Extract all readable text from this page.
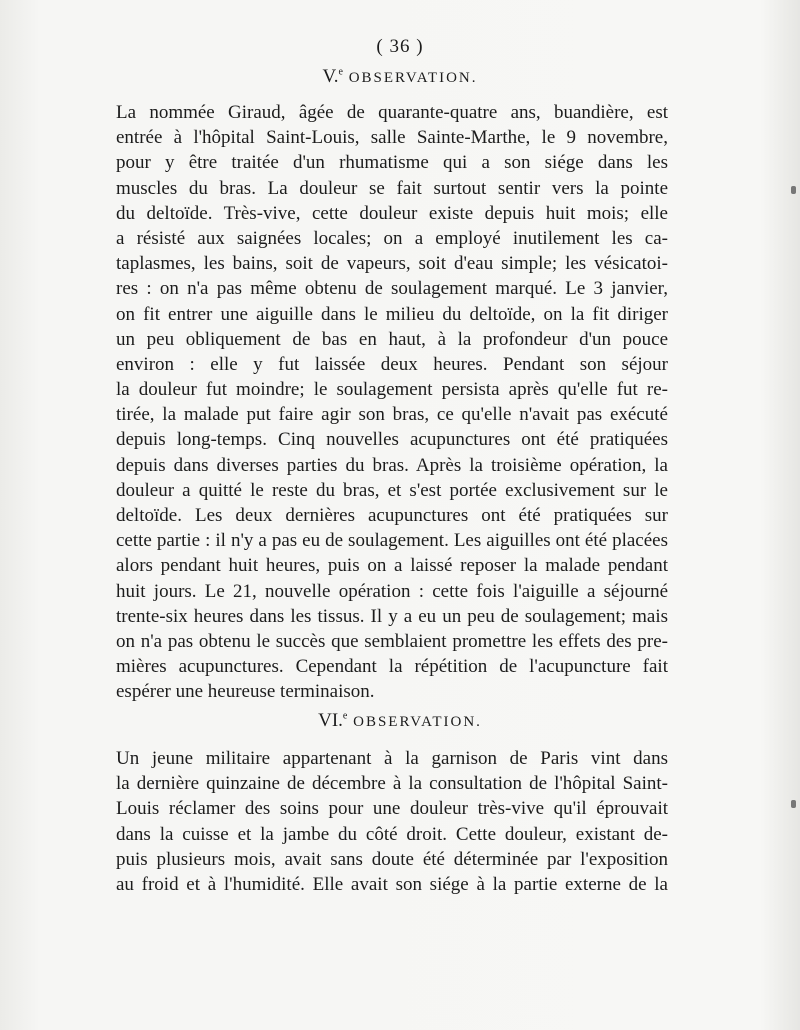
( 36 )
V.$^e$ OBSERVATION.
La nommée Giraud, âgée de quarante-quatre ans, buandière, est
entrée à l'hôpital Saint-Louis, salle Sainte-Marthe, le 9 novembre,
pour y être traitée d'un rhumatisme qui a son siége dans les
muscles du bras. La douleur se fait surtout sentir vers la pointe
du deltoïde. Très-vive, cette douleur existe depuis huit mois; elle
a résisté aux saignées locales; on a employé inutilement les ca-
taplasmes, les bains, soit de vapeurs, soit d'eau simple; les vésicatoi-
res : on n'a pas même obtenu de soulagement marqué. Le 3 janvier,
on fit entrer une aiguille dans le milieu du deltoïde, on la fit diriger
un peu obliquement de bas en haut, à la profondeur d'un pouce
environ : elle y fut laissée deux heures. Pendant son séjour
la douleur fut moindre; le soulagement persista après qu'elle fut re-
tirée, la malade put faire agir son bras, ce qu'elle n'avait pas exécuté
depuis long-temps. Cinq nouvelles acupunctures ont été pratiquées
depuis dans diverses parties du bras. Après la troisième opération, la
douleur a quitté le reste du bras, et s'est portée exclusivement sur le
deltoïde. Les deux dernières acupunctures ont été pratiquées sur
cette partie : il n'y a pas eu de soulagement. Les aiguilles ont été placées
alors pendant huit heures, puis on a laissé reposer la malade pendant
huit jours. Le 21, nouvelle opération : cette fois l'aiguille a séjourné
trente-six heures dans les tissus. Il y a eu un peu de soulagement; mais
on n'a pas obtenu le succès que semblaient promettre les effets des pre-
mières acupunctures. Cependant la répétition de l'acupuncture fait
espérer une heureuse terminaison.
VI.$^e$ OBSERVATION.
Un jeune militaire appartenant à la garnison de Paris vint dans
la dernière quinzaine de décembre à la consultation de l'hôpital Saint-
Louis réclamer des soins pour une douleur très-vive qu'il éprouvait
dans la cuisse et la jambe du côté droit. Cette douleur, existant de-
puis plusieurs mois, avait sans doute été déterminée par l'exposition
au froid et à l'humidité. Elle avait son siége à la partie externe de la
